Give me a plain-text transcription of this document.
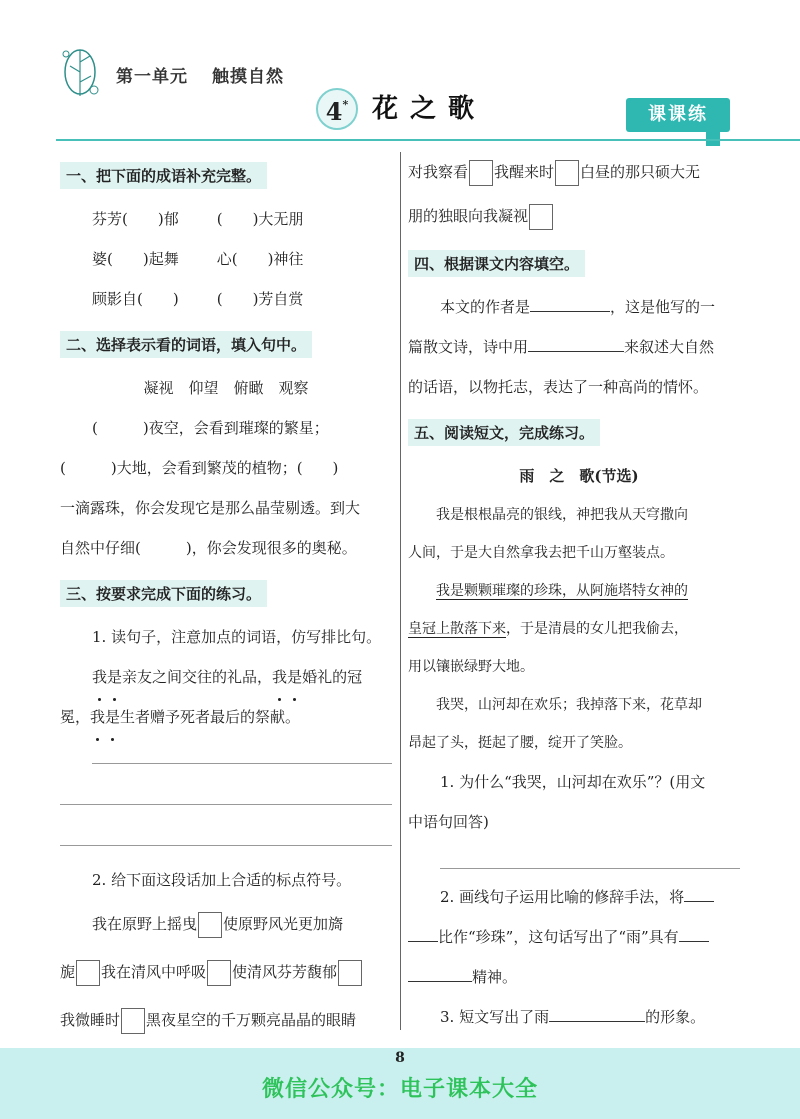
第一单元 触摸自然
4* 花之歌	课课练
一、把下面的成语补充完整。
芬芳(　　)郁	(　　)大无朋
婆(　　)起舞	心(　　)神往
顾影自(　　)	(　　)芳自赏
二、选择表示看的词语，填入句中。
凝视　仰望　俯瞰　观察
(　　　)夜空，会看到璀璨的繁星；
(　　　)大地，会看到繁茂的植物；(　　)
一滴露珠，你会发现它是那么晶莹剔透。到大
自然中仔细(　　　)，你会发现很多的奥秘。
三、按要求完成下面的练习。
1. 读句子，注意加点的词语，仿写排比句。
我是亲友之间交往的礼品，我是婚礼的冠
冕，我是生者赠予死者最后的祭献。
2. 给下面这段话加上合适的标点符号。
我在原野上摇曳 使原野风光更加旖
旎 我在清风中呼吸 使清风芬芳馥郁
我微睡时 黑夜星空的千万颗亮晶晶的眼睛
对我察看 我醒来时 白昼的那只硕大无
朋的独眼向我凝视
四、根据课文内容填空。
本文的作者是	，这是他写的一
篇散文诗，诗中用	来叙述大自然
的话语，以物托志，表达了一种高尚的情怀。
五、阅读短文，完成练习。
雨　之　歌(节选)
我是根根晶亮的银线，神把我从天穹撒向
人间，于是大自然拿我去把千山万壑装点。
我是颗颗璀璨的珍珠，从阿施塔特女神的
皇冠上散落下来，于是清晨的女儿把我偷去，
用以镶嵌绿野大地。
我哭，山河却在欢乐；我掉落下来，花草却
昂起了头，挺起了腰，绽开了笑脸。
1. 为什么“我哭，山河却在欢乐”？(用文
中语句回答)
2. 画线句子运用比喻的修辞手法，将
比作“珍珠”，这句话写出了“雨”具有
精神。
3. 短文写出了雨	的形象。
8
微信公众号：电子课本大全
